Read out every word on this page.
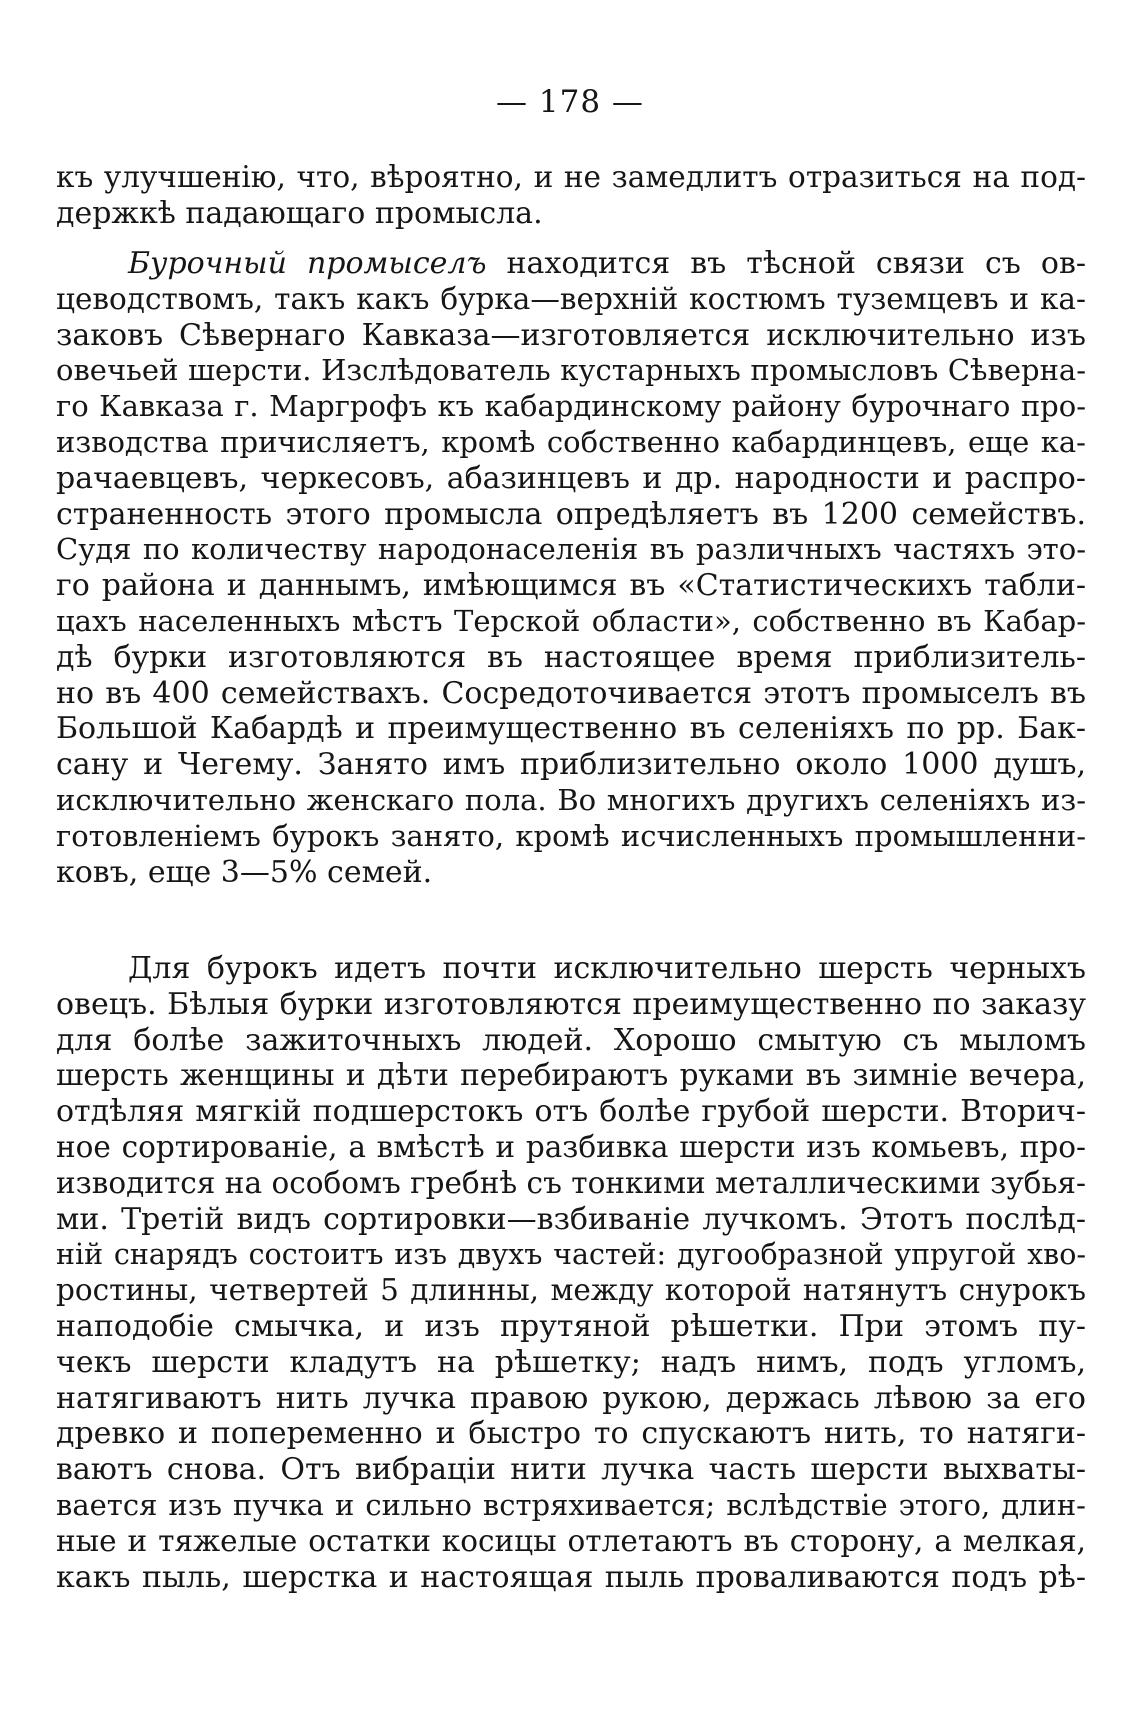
— 178 —
къ улучшенію, что, вѣроятно, и не замедлитъ отразиться на под-
держкѣ падающаго промысла.
Бурочный промыселъ находится въ тѣсной связи съ ов-
цеводствомъ, такъ какъ бурка—верхній костюмъ туземцевъ и ка-
заковъ Сѣвернаго Кавказа—изготовляется исключительно изъ
овечьей шерсти. Изслѣдователь кустарныхъ промысловъ Сѣверна-
го Кавказа г. Маргрофъ къ кабардинскому району бурочнаго про-
изводства причисляетъ, кромѣ собственно кабардинцевъ, еще ка-
рачаевцевъ, черкесовъ, абазинцевъ и др. народности и распро-
страненность этого промысла опредѣляетъ въ 1200 семействъ.
Судя по количеству народонаселенія въ различныхъ частяхъ это-
го района и даннымъ, имѣющимся въ «Статистическихъ табли-
цахъ населенныхъ мѣстъ Терской области», собственно въ Кабар-
дѣ бурки изготовляются въ настоящее время приблизитель-
но въ 400 семействахъ. Сосредоточивается этотъ промыселъ въ
Большой Кабардѣ и преимущественно въ селеніяхъ по рр. Бак-
сану и Чегему. Занято имъ приблизительно около 1000 душъ,
исключительно женскаго пола. Во многихъ другихъ селеніяхъ из-
готовленіемъ бурокъ занято, кромѣ исчисленныхъ промышленни-
ковъ, еще 3—5% семей.
Для бурокъ идетъ почти исключительно шерсть черныхъ
овецъ. Бѣлыя бурки изготовляются преимущественно по заказу
для болѣе зажиточныхъ людей. Хорошо смытую съ мыломъ
шерсть женщины и дѣти перебираютъ руками въ зимніе вечера,
отдѣляя мягкій подшерстокъ отъ болѣе грубой шерсти. Вторич-
ное сортированіе, а вмѣстѣ и разбивка шерсти изъ комьевъ, про-
изводится на особомъ гребнѣ съ тонкими металлическими зубья-
ми. Третій видъ сортировки—взбиваніе лучкомъ. Этотъ послѣд-
ній снарядъ состоитъ изъ двухъ частей: дугообразной упругой хво-
ростины, четвертей 5 длинны, между которой натянутъ снурокъ
наподобіе смычка, и изъ прутяной рѣшетки. При этомъ пу-
чекъ шерсти кладутъ на рѣшетку; надъ нимъ, подъ угломъ,
натягиваютъ нить лучка правою рукою, держась лѣвою за его
древко и попеременно и быстро то спускаютъ нить, то натяги-
ваютъ снова. Отъ вибраціи нити лучка часть шерсти выхваты-
вается изъ пучка и сильно встряхивается; вслѣдствіе этого, длин-
ные и тяжелые остатки косицы отлетаютъ въ сторону, а мелкая,
какъ пыль, шерстка и настоящая пыль проваливаются подъ рѣ-
